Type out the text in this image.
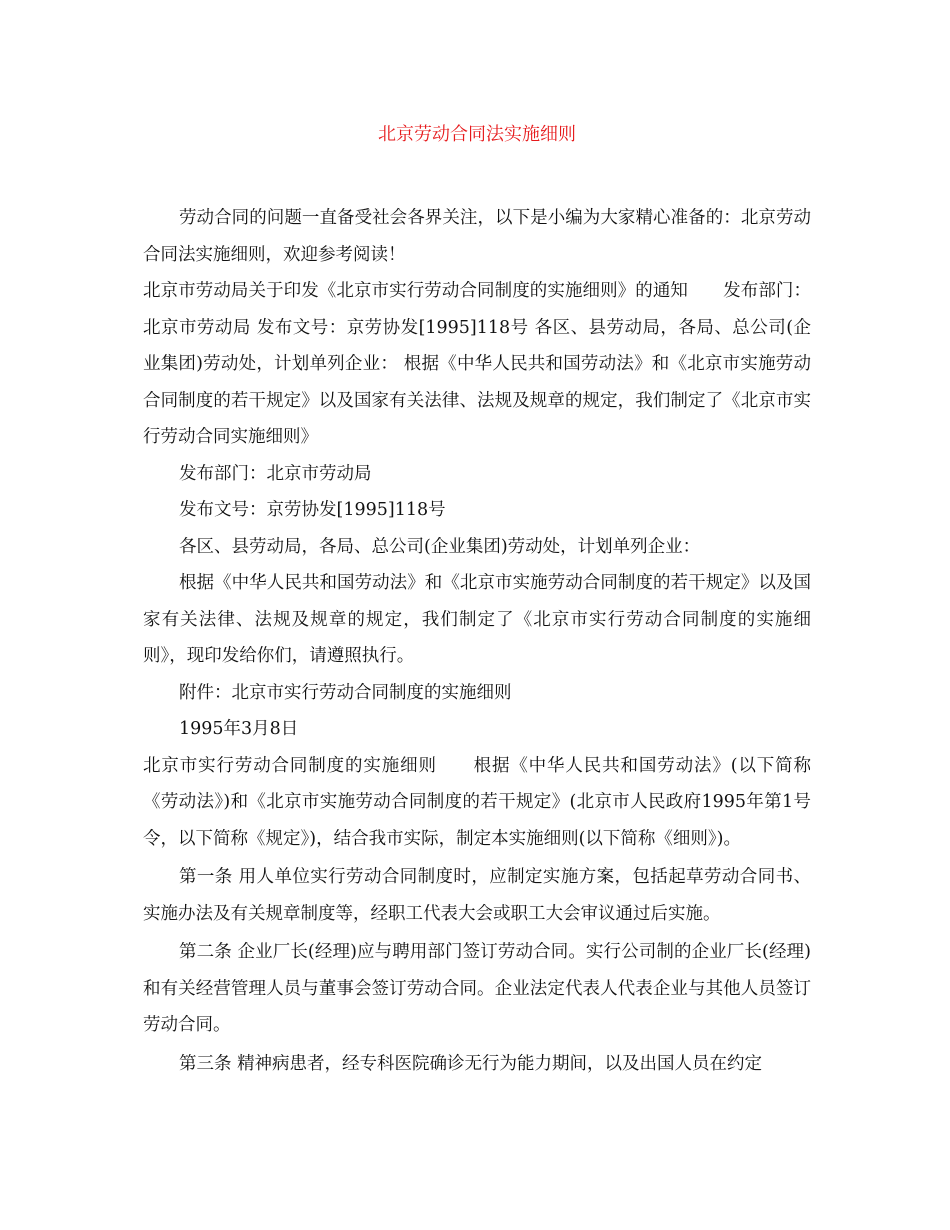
北京劳动合同法实施细则

劳动合同的问题一直备受社会各界关注，以下是小编为大家精心准备的：北京劳动合同法实施细则，欢迎参考阅读！

北京市劳动局关于印发《北京市实行劳动合同制度的实施细则》的通知　　发布部门：北京市劳动局 发布文号：京劳协发[1995]118号 各区、县劳动局，各局、总公司(企业集团)劳动处，计划单列企业： 根据《中华人民共和国劳动法》和《北京市实施劳动合同制度的若干规定》以及国家有关法律、法规及规章的规定，我们制定了《北京市实行劳动合同实施细则》

发布部门：北京市劳动局

发布文号：京劳协发[1995]118号

各区、县劳动局，各局、总公司(企业集团)劳动处，计划单列企业：

根据《中华人民共和国劳动法》和《北京市实施劳动合同制度的若干规定》以及国家有关法律、法规及规章的规定，我们制定了《北京市实行劳动合同制度的实施细则》，现印发给你们，请遵照执行。

附件：北京市实行劳动合同制度的实施细则

1995年3月8日

北京市实行劳动合同制度的实施细则　　根据《中华人民共和国劳动法》(以下简称《劳动法》)和《北京市实施劳动合同制度的若干规定》(北京市人民政府1995年第1号令，以下简称《规定》)，结合我市实际，制定本实施细则(以下简称《细则》)。

第一条 用人单位实行劳动合同制度时，应制定实施方案，包括起草劳动合同书、实施办法及有关规章制度等，经职工代表大会或职工大会审议通过后实施。

第二条 企业厂长(经理)应与聘用部门签订劳动合同。实行公司制的企业厂长(经理)和有关经营管理人员与董事会签订劳动合同。企业法定代表人代表企业与其他人员签订劳动合同。

第三条 精神病患者，经专科医院确诊无行为能力期间，以及出国人员在约定
